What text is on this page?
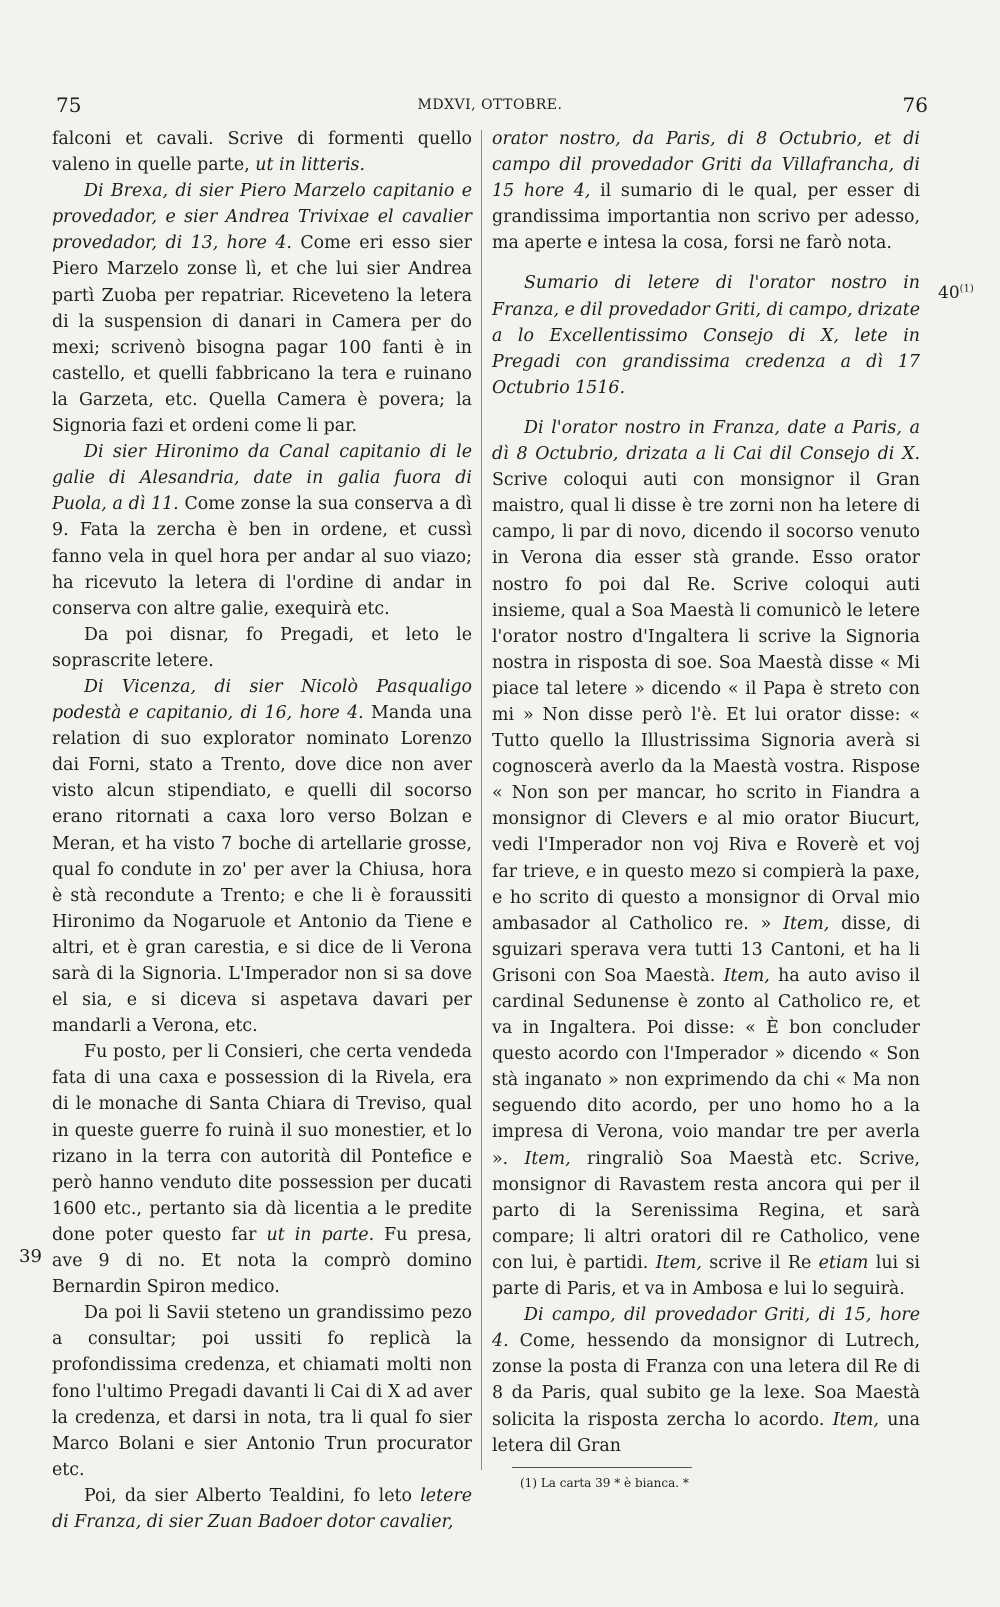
75	MDXVI, OTTOBRE.	76

falconi et cavali. Scrive di formenti quello valeno in quelle parte, ut in litteris.

Di Brexa, di sier Piero Marzelo capitanio e provedador, e sier Andrea Trivixae el cavalier provedador, di 13, hore 4. Come eri esso sier Piero Marzelo zonse lì, et che lui sier Andrea partì Zuoba per repatriar. Riceveteno la letera di la suspension di danari in Camera per do mexi; scrivenò bisogna pagar 100 fanti è in castello, et quelli fabbricano la tera e ruinano la Garzeta, etc. Quella Camera è povera; la Signoria fazi et ordeni come li par.

Di sier Hironimo da Canal capitanio di le galie di Alesandria, date in galia fuora di Puola, a dì 11. Come zonse la sua conserva a dì 9. Fata la zercha è ben in ordene, et cussì fanno vela in quel hora per andar al suo viazo; ha ricevuto la letera di l'ordine di andar in conserva con altre galie, exequirà etc.

Da poi disnar, fo Pregadi, et leto le soprascrite letere.

Di Vicenza, di sier Nicolò Pasqualigo podestà e capitanio, di 16, hore 4. Manda una relation di suo explorator nominato Lorenzo dai Forni, stato a Trento, dove dice non aver visto alcun stipendiato, e quelli dil socorso erano ritornati a caxa loro verso Bolzan e Meran, et ha visto 7 boche di artellarie grosse, qual fo condute in zo' per aver la Chiusa, hora è stà recondute a Trento; e che li è foraussiti Hironimo da Nogaruole et Antonio da Tiene e altri, et è gran carestia, e si dice de li Verona sarà di la Signoria. L'Imperador non si sa dove el sia, e si diceva si aspetava davari per mandarli a Verona, etc.

Fu posto, per li Consieri, che certa vendeda fata di una caxa e possession di la Rivela, era di le monache di Santa Chiara di Treviso, qual in queste guerre fo ruinà il suo monestier, et lo rizano in la terra con autorità dil Pontefice e però hanno venduto dite possession per ducati 1600 etc., pertanto sia dà licentia a le predite done poter questo far ut in parte. Fu presa, ave 9 di no. Et nota la comprò domino Bernardin Spiron medico.

Da poi li Savii steteno un grandissimo pezo a consultar; poi ussiti fo replicà la profondissima credenza, et chiamati molti non fono l'ultimo Pregadi davanti li Cai di X ad aver la credenza, et darsi in nota, tra li qual fo sier Marco Bolani e sier Antonio Trun procurator etc.

Poi, da sier Alberto Tealdini, fo leto letere di Franza, di sier Zuan Badoer dotor cavalier,

orator nostro, da Paris, di 8 Octubrio, et di campo dil provedador Griti da Villafrancha, di 15 hore 4, il sumario di le qual, per esser di grandissima importantia non scrivo per adesso, ma aperte e intesa la cosa, forsi ne farò nota.

Sumario di letere di l'orator nostro in Franza, e dil provedador Griti, di campo, drizate a lo Excellentissimo Consejo di X, lete in Pregadi con grandissima credenza a dì 17 Octubrio 1516.

Di l'orator nostro in Franza, date a Paris, a dì 8 Octubrio, drizata a li Cai dil Consejo di X. Scrive coloqui auti con monsignor il Gran maistro, qual li disse è tre zorni non ha letere di campo, li par di novo, dicendo il socorso venuto in Verona dia esser stà grande. Esso orator nostro fo poi dal Re. Scrive coloqui auti insieme, qual a Soa Maestà li comunicò le letere l'orator nostro d'Ingaltera li scrive la Signoria nostra in risposta di soe. Soa Maestà disse « Mi piace tal letere » dicendo « il Papa è streto con mi » Non disse però l'è. Et lui orator disse: « Tutto quello la Illustrissima Signoria averà si cognoscerà averlo da la Maestà vostra. Rispose « Non son per mancar, ho scrito in Fiandra a monsignor di Clevers e al mio orator Biucurt, vedi l'Imperador non voj Riva e Roverè et voj far trieve, e in questo mezo si compierà la paxe, e ho scrito di questo a monsignor di Orval mio ambasador al Catholico re. » Item, disse, di sguizari sperava vera tutti 13 Cantoni, et ha li Grisoni con Soa Maestà. Item, ha auto aviso il cardinal Sedunense è zonto al Catholico re, et va in Ingaltera. Poi disse: « È bon concluder questo acordo con l'Imperador » dicendo « Son stà inganato » non exprimendo da chi « Ma non seguendo dito acordo, per uno homo ho a la impresa di Verona, voio mandar tre per averla ». Item, ringraliò Soa Maestà etc. Scrive, monsignor di Ravastem resta ancora qui per il parto di la Serenissima Regina, et sarà compare; li altri oratori dil re Catholico, vene con lui, è partidi. Item, scrive il Re etiam lui si parte di Paris, et va in Ambosa e lui lo seguirà.

Di campo, dil provedador Griti, di 15, hore 4. Come, hessendo da monsignor di Lutrech, zonse la posta di Franza con una letera dil Re di 8 da Paris, qual subito ge la lexe. Soa Maestà solicita la risposta zercha lo acordo. Item, una letera dil Gran

39
40$^{(1)}$
(1) La carta 39 * è bianca. *
